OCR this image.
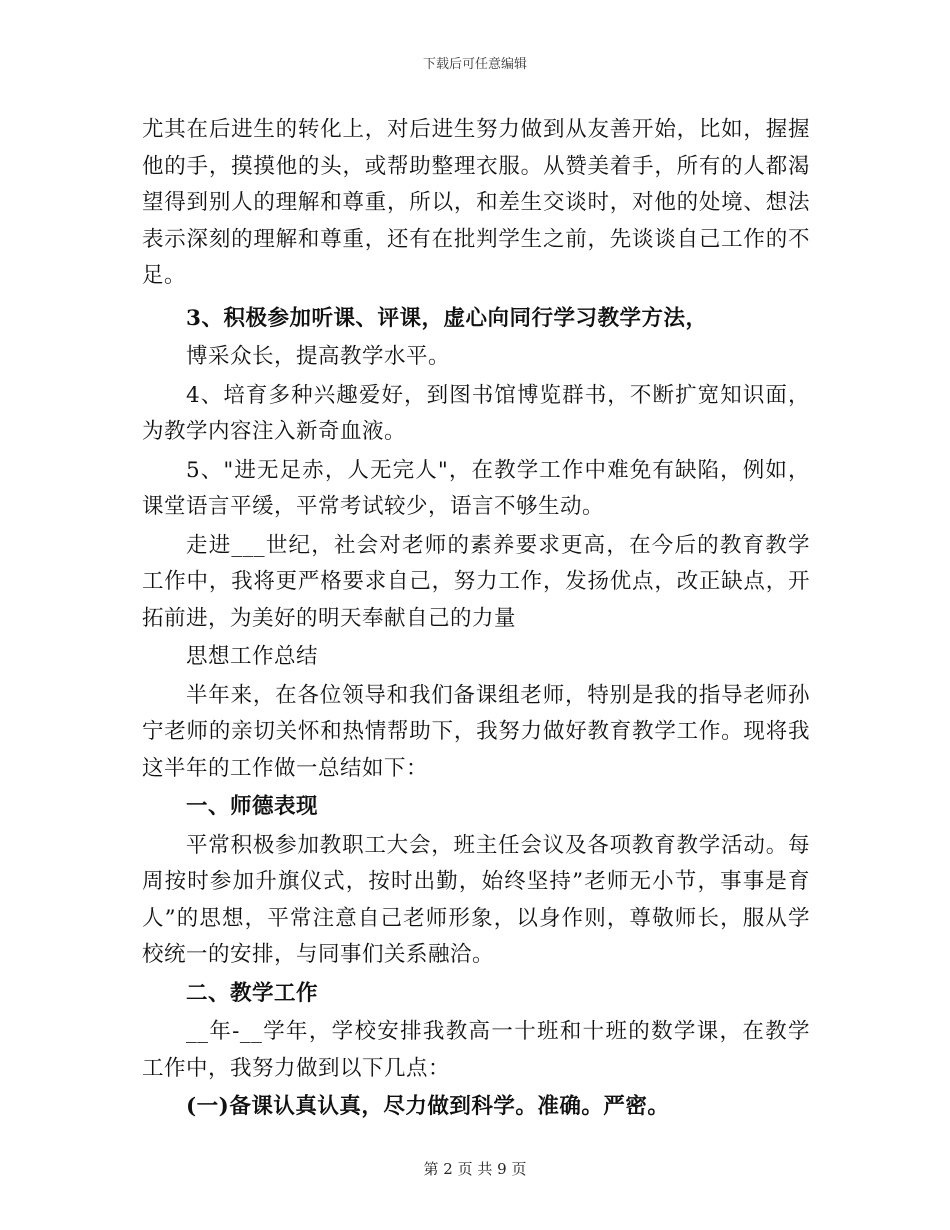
下载后可任意编辑

尤其在后进生的转化上，对后进生努力做到从友善开始，比如，握握他的手，摸摸他的头，或帮助整理衣服。从赞美着手，所有的人都渴望得到别人的理解和尊重，所以，和差生交谈时，对他的处境、想法表示深刻的理解和尊重，还有在批判学生之前，先谈谈自己工作的不足。

3、积极参加听课、评课，虚心向同行学习教学方法，

博采众长，提高教学水平。

4、培育多种兴趣爱好，到图书馆博览群书，不断扩宽知识面，为教学内容注入新奇血液。

5、"进无足赤，人无完人"，在教学工作中难免有缺陷，例如，课堂语言平缓，平常考试较少，语言不够生动。

走进___世纪，社会对老师的素养要求更高，在今后的教育教学工作中，我将更严格要求自己，努力工作，发扬优点，改正缺点，开拓前进，为美好的明天奉献自己的力量

思想工作总结

半年来，在各位领导和我们备课组老师，特别是我的指导老师孙宁老师的亲切关怀和热情帮助下，我努力做好教育教学工作。现将我这半年的工作做一总结如下：

一、师德表现

平常积极参加教职工大会，班主任会议及各项教育教学活动。每周按时参加升旗仪式，按时出勤，始终坚持”老师无小节，事事是育人”的思想，平常注意自己老师形象，以身作则，尊敬师长，服从学校统一的安排，与同事们关系融洽。

二、教学工作

__年-__学年，学校安排我教高一十班和十班的数学课，在教学工作中，我努力做到以下几点：

(一)备课认真认真，尽力做到科学。准确。严密。

第 2 页 共 9 页
